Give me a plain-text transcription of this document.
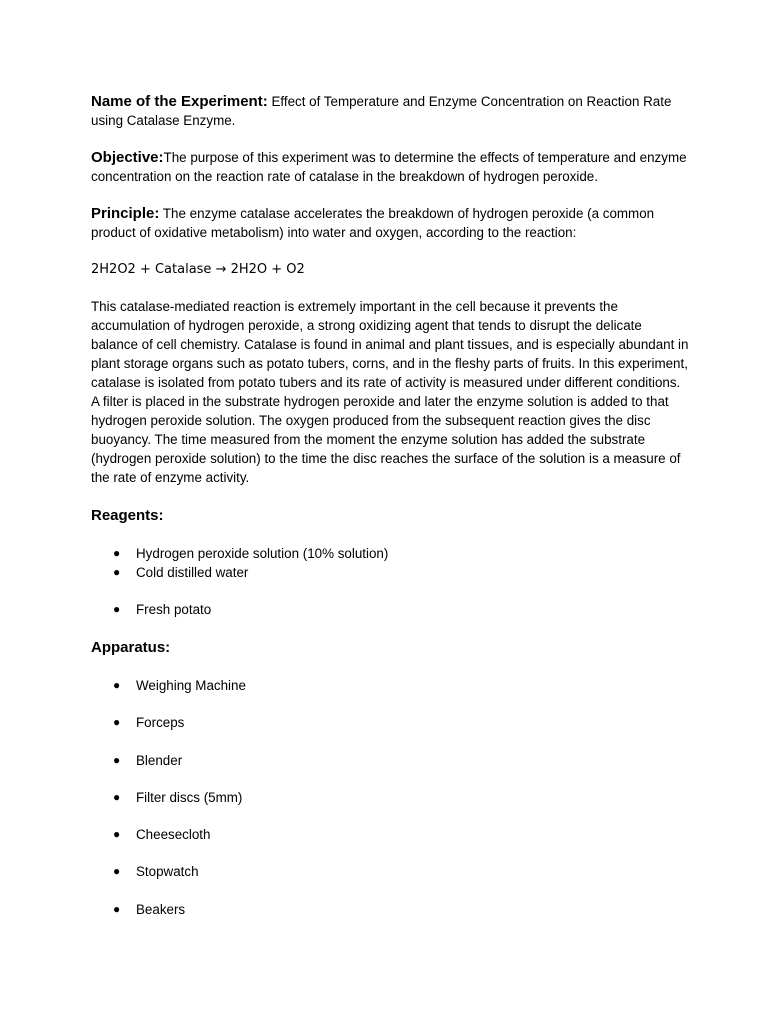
Name of the Experiment: Effect of Temperature and Enzyme Concentration on Reaction Rate using Catalase Enzyme.

Objective:The purpose of this experiment was to determine the effects of temperature and enzyme concentration on the reaction rate of catalase in the breakdown of hydrogen peroxide.

Principle: The enzyme catalase accelerates the breakdown of hydrogen peroxide (a common product of oxidative metabolism) into water and oxygen, according to the reaction:

2H2O2 + Catalase → 2H2O + O2

This catalase-mediated reaction is extremely important in the cell because it prevents the accumulation of hydrogen peroxide, a strong oxidizing agent that tends to disrupt the delicate balance of cell chemistry. Catalase is found in animal and plant tissues, and is especially abundant in plant storage organs such as potato tubers, corns, and in the fleshy parts of fruits. In this experiment, catalase is isolated from potato tubers and its rate of activity is measured under different conditions. A filter is placed in the substrate hydrogen peroxide and later the enzyme solution is added to that hydrogen peroxide solution. The oxygen produced from the subsequent reaction gives the disc buoyancy. The time measured from the moment the enzyme solution has added the substrate (hydrogen peroxide solution) to the time the disc reaches the surface of the solution is a measure of the rate of enzyme activity.

Reagents:

● Hydrogen peroxide solution (10% solution)
● Cold distilled water
● Fresh potato

Apparatus:

● Weighing Machine
● Forceps
● Blender
● Filter discs (5mm)
● Cheesecloth
● Stopwatch
● Beakers
